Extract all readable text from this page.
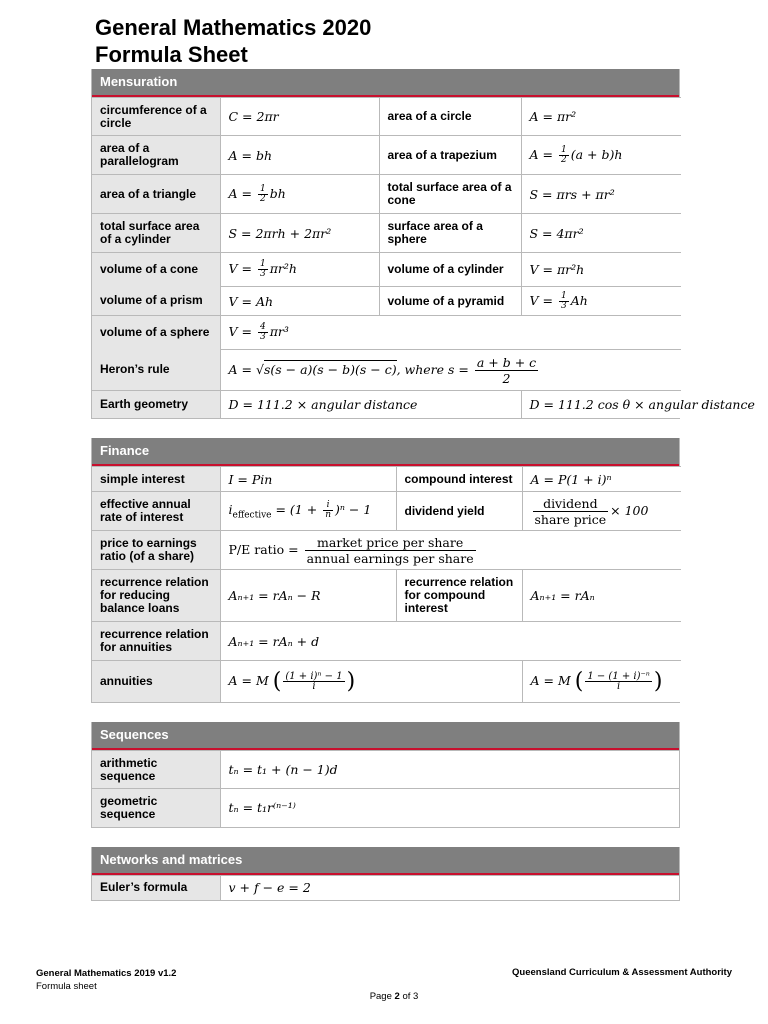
General Mathematics 2020
Formula Sheet
Mensuration
circumference of a circle	C = 2πr	area of a circle	A = πr²
area of a parallelogram	A = bh	area of a trapezium	$A = \frac{1}{2} (a + b)h$
area of a triangle	$A = \frac{1}{2}$ bh	total surface area of a cone	S = πrs + πr²
total surface area of a cylinder	S = 2πrh + 2πr²	surface area of a sphere	S = 4πr²
volume of a cone	$V = \frac{1}{3} \pi r^2h$	volume of a cylinder	V = πr²h
volume of a prism	V = Ah	volume of a pyramid	$V = \frac{1}{3}$ Ah
volume of a sphere	$V = \frac{4}{3} \pi r^3$		
Heron’s rule	A = √s(s − a)(s − b)(s − c), where $s = \frac{a + b + c}{2}$

Earth geometry	D = 111.2 × angular distance		D = 111.2 cos θ × angular distance
Finance
simple interest	I = Pin	compound interest	A = P(1 + i)ⁿ
effective annual rate of interest	$i_{effective} = (1 + \frac{i}{n} )^n - 1$	dividend yield	$\frac{\text{dividend}}{\text{share price}} \times 100$
price to earnings ratio (of a share)	P/E ratio = $\frac{\text{market price per share}}{\text{annual earnings per share}}$

recurrence relation for reducing balance loans	Aₙ₊₁ = rAₙ − R	recurrence relation for compound interest	Aₙ₊₁ = rAₙ
recurrence relation for annuities	Aₙ₊₁ = rAₙ + d		
annuities	A = M ( $\frac{\text{(1 + i)ⁿ − 1}}{i}$ )		A = M ( $\frac{\text{1 − (1 + i)⁻ⁿ}}{i}$ )
Sequences
arithmetic sequence	tₙ = t₁ + (n − 1)d
geometric sequence	tₙ = t₁r⁽ⁿ⁻¹⁾
Networks and matrices
Euler’s formula	v + f − e = 2
General Mathematics 2019 v1.2
Formula sheet
Queensland Curriculum & Assessment Authority
Page 2 of 3
